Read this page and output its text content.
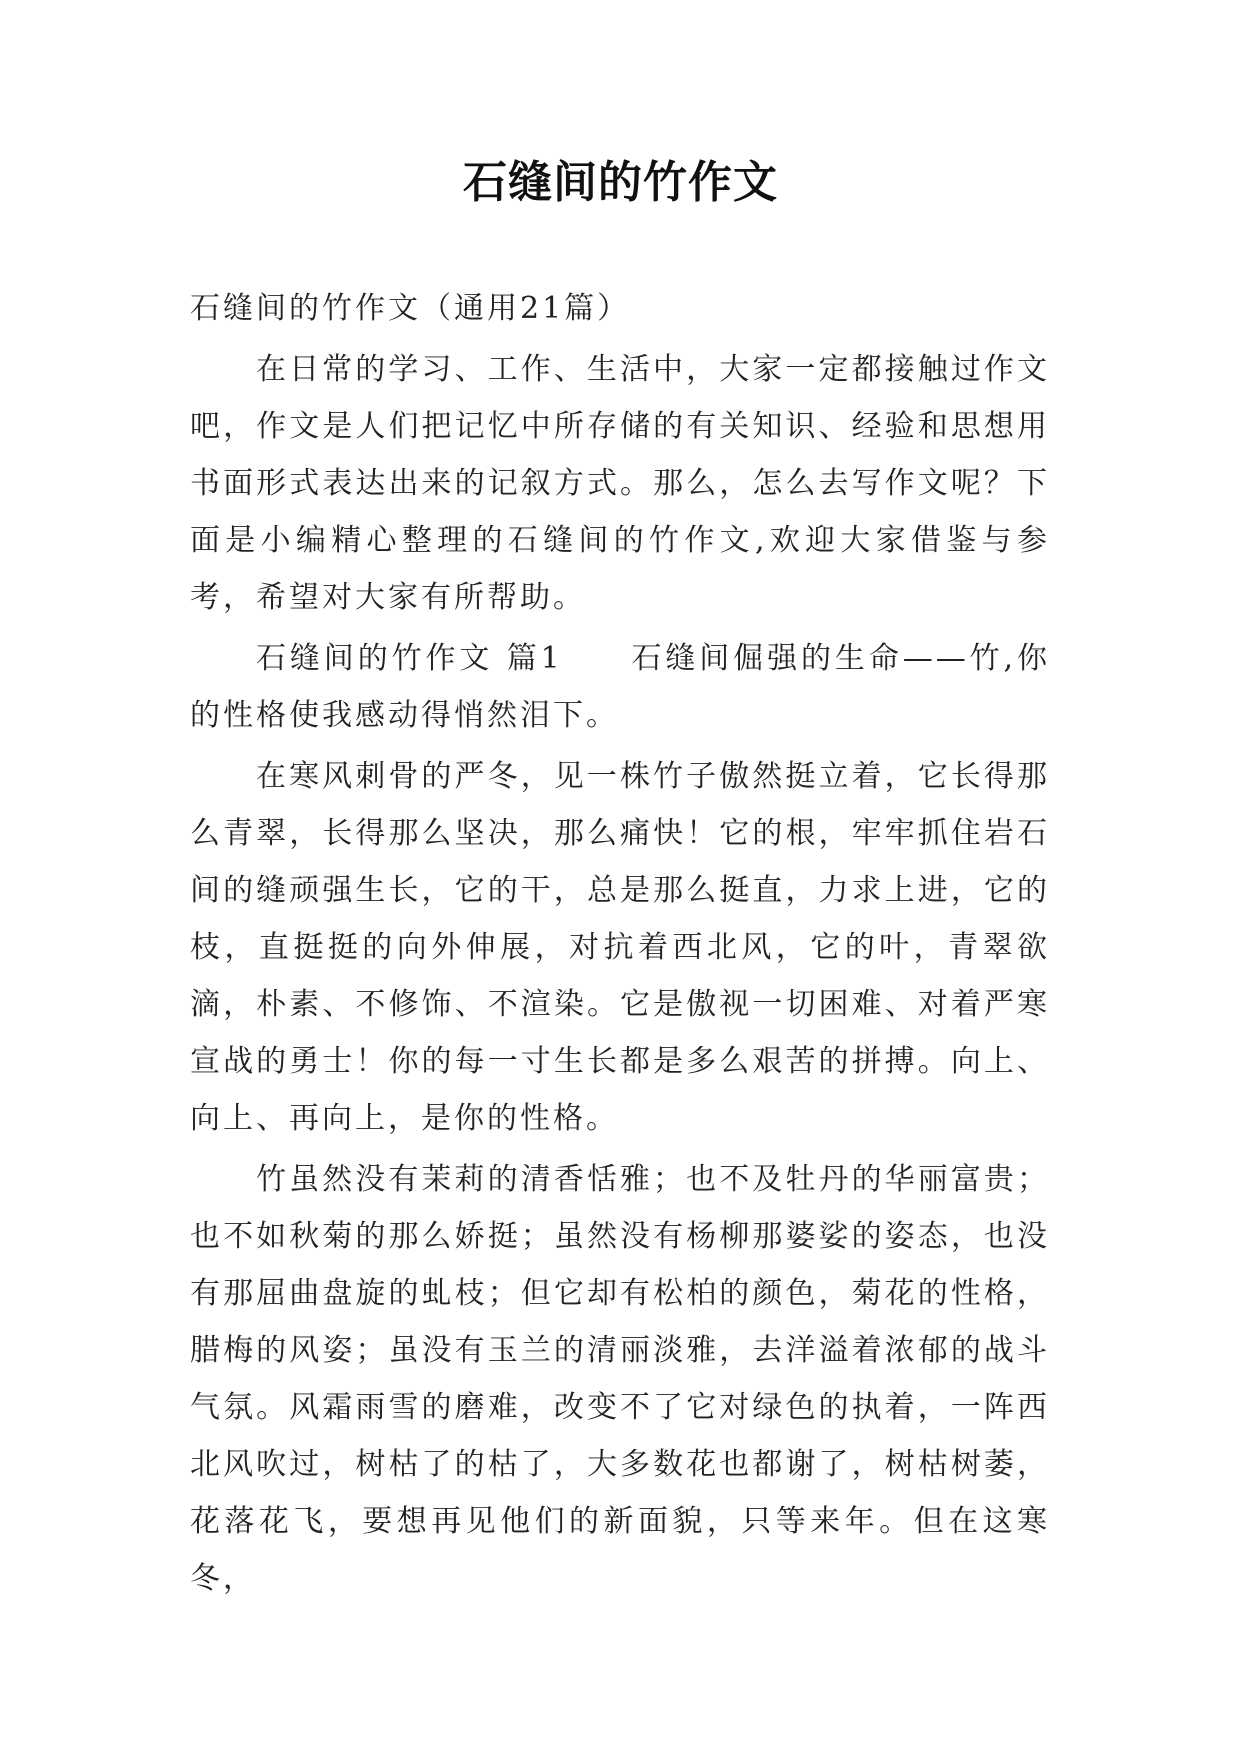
石缝间的竹作文

石缝间的竹作文（通用21篇）

在日常的学习、工作、生活中，大家一定都接触过作文吧，作文是人们把记忆中所存储的有关知识、经验和思想用书面形式表达出来的记叙方式。那么，怎么去写作文呢？下面是小编精心整理的石缝间的竹作文,欢迎大家借鉴与参考，希望对大家有所帮助。

石缝间的竹作文 篇1　　石缝间倔强的生命——竹,你的性格使我感动得悄然泪下。

在寒风刺骨的严冬，见一株竹子傲然挺立着，它长得那么青翠，长得那么坚决，那么痛快！它的根，牢牢抓住岩石间的缝顽强生长，它的干，总是那么挺直，力求上进，它的枝，直挺挺的向外伸展，对抗着西北风，它的叶，青翠欲滴，朴素、不修饰、不渲染。它是傲视一切困难、对着严寒宣战的勇士！你的每一寸生长都是多么艰苦的拼搏。向上、向上、再向上，是你的性格。

竹虽然没有茉莉的清香恬雅；也不及牡丹的华丽富贵；也不如秋菊的那么娇挺；虽然没有杨柳那婆娑的姿态，也没有那屈曲盘旋的虬枝；但它却有松柏的颜色，菊花的性格，腊梅的风姿；虽没有玉兰的清丽淡雅，去洋溢着浓郁的战斗气氛。风霜雨雪的磨难，改变不了它对绿色的执着，一阵西北风吹过，树枯了的枯了，大多数花也都谢了，树枯树萎，花落花飞，要想再见他们的新面貌，只等来年。但在这寒冬，
